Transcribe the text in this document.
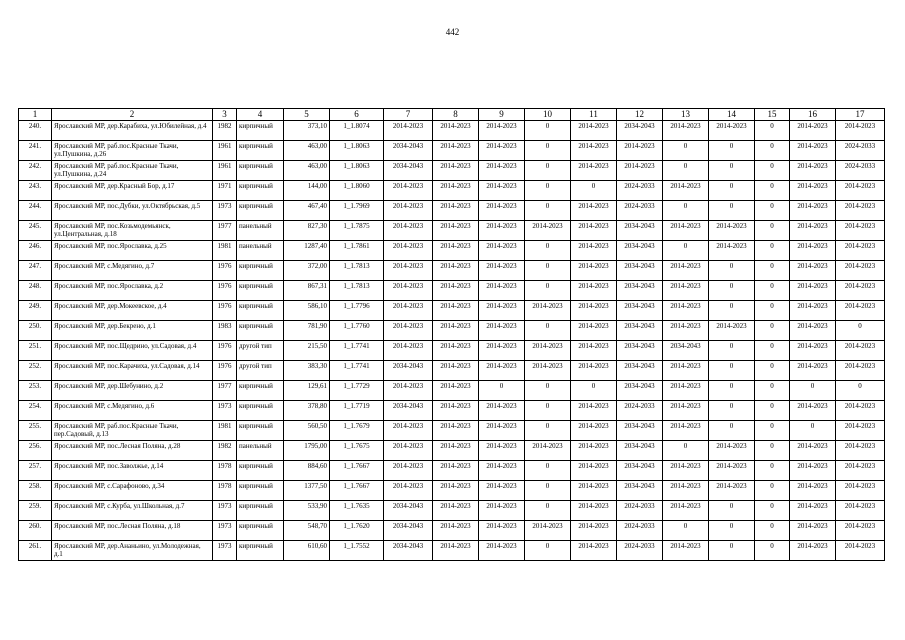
442
1	2	3	4	5	6	7	8	9	10	11	12	13	14	15	16	17
240.	Ярославский МР, дер.Карабиха, ул.Юбилейная, д.4	1982	кирпичный	373,10	1_1.8074	2014-2023	2014-2023	2014-2023	0	2014-2023	2034-2043	2014-2023	2014-2023	0	2014-2023	2014-2023
241.	Ярославский МР, раб.пос.Красные Ткачи, ул.Пушкина, д.26	1961	кирпичный	463,00	1_1.8063	2034-2043	2014-2023	2014-2023	0	2014-2023	2014-2023	0	0	0	2014-2023	2024-2033
242.	Ярославский МР, раб.пос.Красные Ткачи, ул.Пушкина, д.24	1961	кирпичный	463,00	1_1.8063	2034-2043	2014-2023	2014-2023	0	2014-2023	2014-2023	0	0	0	2014-2023	2024-2033
243.	Ярославский МР, дер.Красный Бор, д.17	1971	кирпичный	144,00	1_1.8060	2014-2023	2014-2023	2014-2023	0	0	2024-2033	2014-2023	0	0	2014-2023	2014-2023
244.	Ярославский МР, пос.Дубки, ул.Октябрьская, д.5	1973	кирпичный	467,40	1_1.7969	2014-2023	2014-2023	2014-2023	0	2014-2023	2024-2033	0	0	0	2014-2023	2014-2023
245.	Ярославский МР, пос.Козьмодемьянск, ул.Центральная, д.18	1977	панельный	827,30	1_1.7875	2014-2023	2014-2023	2014-2023	2014-2023	2014-2023	2034-2043	2014-2023	2014-2023	0	2014-2023	2014-2023
246.	Ярославский МР, пос.Ярославка, д.25	1981	панельный	1287,40	1_1.7861	2014-2023	2014-2023	2014-2023	0	2014-2023	2034-2043	0	2014-2023	0	2014-2023	2014-2023
247.	Ярославский МР, с.Медягино, д.7	1976	кирпичный	372,00	1_1.7813	2014-2023	2014-2023	2014-2023	0	2014-2023	2034-2043	2014-2023	0	0	2014-2023	2014-2023
248.	Ярославский МР, пос.Ярославка, д.2	1976	кирпичный	867,31	1_1.7813	2014-2023	2014-2023	2014-2023	0	2014-2023	2034-2043	2014-2023	0	0	2014-2023	2014-2023
249.	Ярославский МР, дер.Мокеевское, д.4	1976	кирпичный	586,10	1_1.7796	2014-2023	2014-2023	2014-2023	2014-2023	2014-2023	2034-2043	2014-2023	0	0	2014-2023	2014-2023
250.	Ярославский МР, дер.Бекрено, д.1	1983	кирпичный	781,90	1_1.7760	2014-2023	2014-2023	2014-2023	0	2014-2023	2034-2043	2014-2023	2014-2023	0	2014-2023	0
251.	Ярославский МР, пос.Щедрино, ул.Садовая, д.4	1976	другой тип	215,50	1_1.7741	2014-2023	2014-2023	2014-2023	2014-2023	2014-2023	2034-2043	2034-2043	0	0	2014-2023	2014-2023
252.	Ярославский МР, пос.Карачиха, ул.Садовая, д.14	1976	другой тип	383,30	1_1.7741	2034-2043	2014-2023	2014-2023	2014-2023	2014-2023	2034-2043	2014-2023	0	0	2014-2023	2014-2023
253.	Ярославский МР, дер.Шебунино, д.2	1977	кирпичный	129,61	1_1.7729	2014-2023	2014-2023	0	0	0	2034-2043	2014-2023	0	0	0	0
254.	Ярославский МР, с.Медягино, д.6	1973	кирпичный	378,80	1_1.7719	2034-2043	2014-2023	2014-2023	0	2014-2023	2024-2033	2014-2023	0	0	2014-2023	2014-2023
255.	Ярославский МР, раб.пос.Красные Ткачи, пер.Садовый, д.13	1981	кирпичный	560,50	1_1.7679	2014-2023	2014-2023	2014-2023	0	2014-2023	2034-2043	2014-2023	0	0	0	2014-2023
256.	Ярославский МР, пос.Лесная Поляна, д.28	1982	панельный	1795,00	1_1.7675	2014-2023	2014-2023	2014-2023	2014-2023	2014-2023	2034-2043	0	2014-2023	0	2014-2023	2014-2023
257.	Ярославский МР, пос.Заволжье, д.14	1978	кирпичный	884,60	1_1.7667	2014-2023	2014-2023	2014-2023	0	2014-2023	2034-2043	2014-2023	2014-2023	0	2014-2023	2014-2023
258.	Ярославский МР, с.Сарафоново, д.34	1978	кирпичный	1377,50	1_1.7667	2014-2023	2014-2023	2014-2023	0	2014-2023	2034-2043	2014-2023	2014-2023	0	2014-2023	2014-2023
259.	Ярославский МР, с.Курба, ул.Школьная, д.7	1973	кирпичный	533,90	1_1.7635	2034-2043	2014-2023	2014-2023	0	2014-2023	2024-2033	2014-2023	0	0	2014-2023	2014-2023
260.	Ярославский МР, пос.Лесная Поляна, д.18	1973	кирпичный	548,70	1_1.7620	2034-2043	2014-2023	2014-2023	2014-2023	2014-2023	2024-2033	0	0	0	2014-2023	2014-2023
261.	Ярославский МР, дер.Ананьино, ул.Молодежная, д.1	1973	кирпичный	610,60	1_1.7552	2034-2043	2014-2023	2014-2023	0	2014-2023	2024-2033	2014-2023	0	0	2014-2023	2014-2023
